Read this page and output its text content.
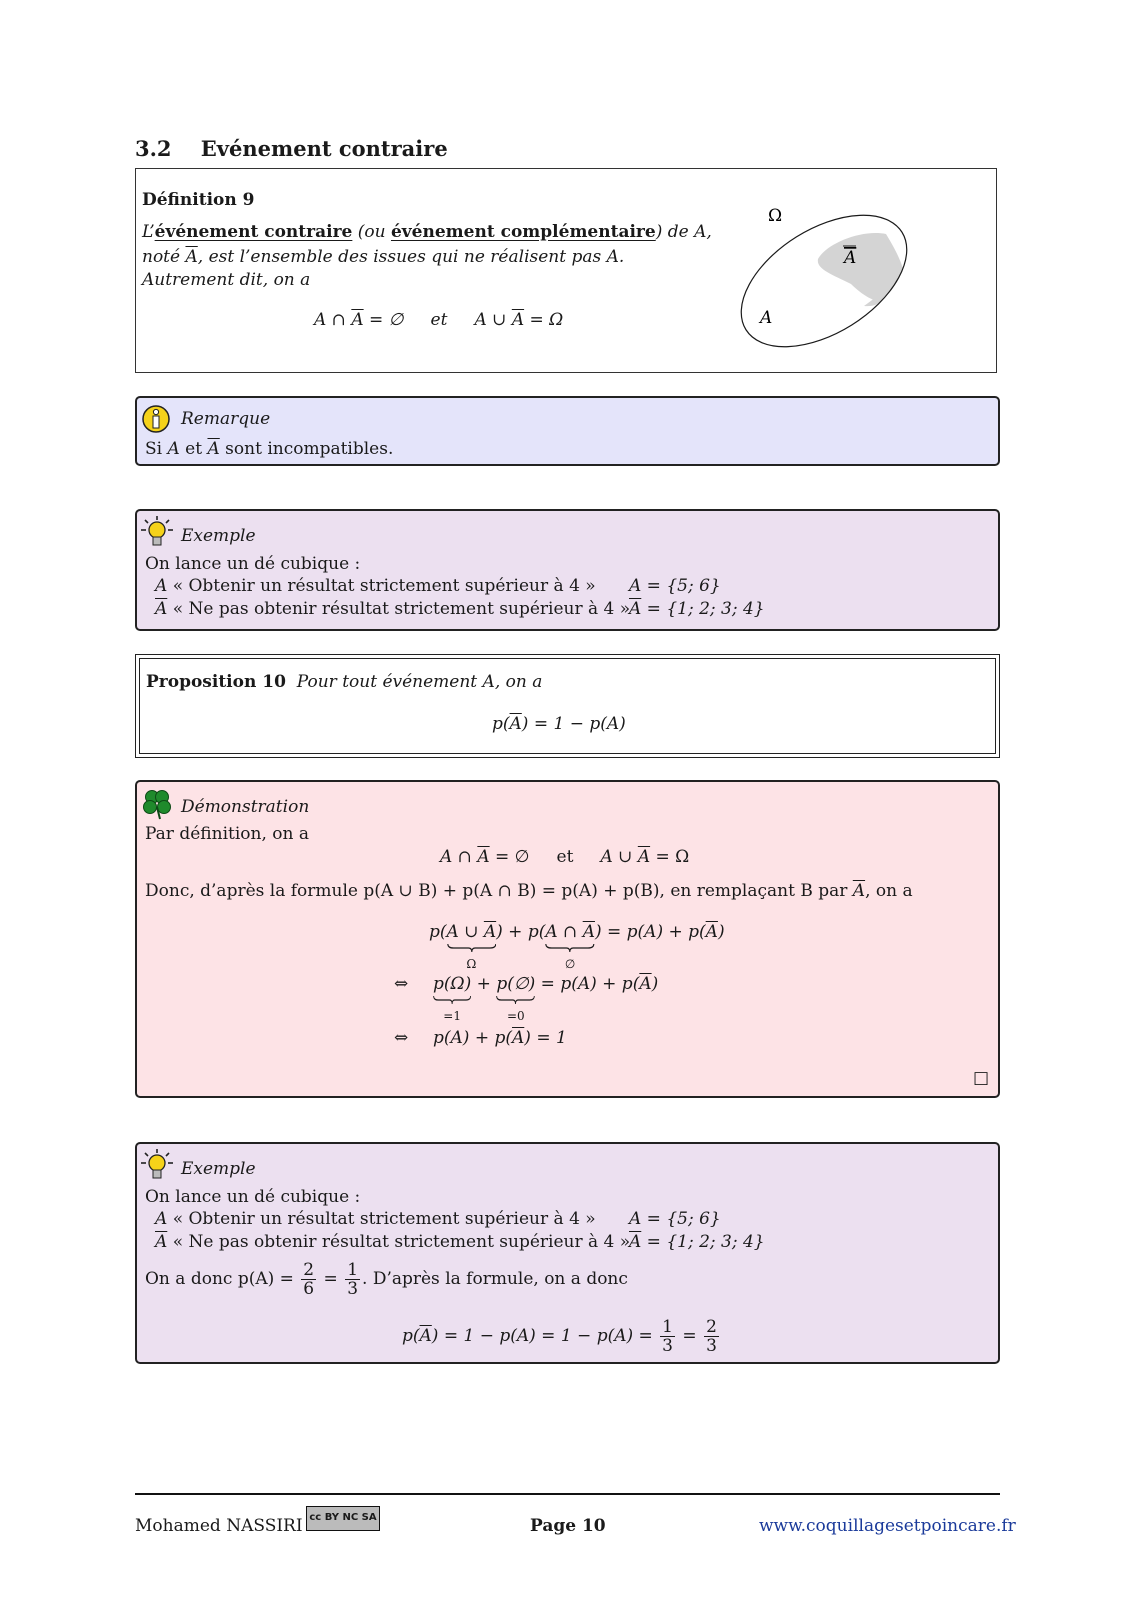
3.2 Evénement contraire
Définition 9
L’événement contraire (ou événement complémentaire) de A,
noté $\overline{A}$, est l’ensemble des issues qui ne réalisent pas A.
Autrement dit, on a
A ∩ $\overline{A}$ = ∅ et A ∪ $\overline{A} = \Omega$
Ω
A
A
Remarque
Si A et $\overline{A}$ sont incompatibles.
Exemple
On lance un dé cubique :
A « Obtenir un résultat strictement supérieur à 4 » A = {5; 6}
$\overline{A}$ « Ne pas obtenir résultat strictement supérieur à 4 »
$\overline{A} = \{1$; 2; 3; 4}
Proposition 10 Pour tout événement A, on a
$p(\overline{A}) = 1 - p(A)$
Démonstration
Par définition, on a
A ∩ $\overline{A}$ = ∅ et A ∪ $\overline{A} = \Omega$
Donc, d’après la formule p(A ∪ B) + p(A ∩ B) = p(A) + p(B), en remplaçant B par $\overline{A}$, on a
p(A ∪ $\overline{A}$
Ω
) + p(A ∩ $\overline{A}$
∅
) = $p(A) + p(\overline{A})$
⇔ p(Ω)
=1
+ p(∅)
=0
= $p(A) + p(\overline{A})$
⇔ $p(A) + p(\overline{A}) = 1$
□
Exemple
On lance un dé cubique :
A « Obtenir un résultat strictement supérieur à 4 » A = {5; 6}
$\overline{A}$ « Ne pas obtenir résultat strictement supérieur à 4 »
$\overline{A} = \{1$; 2; 3; 4}
On a donc $p(A) = \frac{2}{6} = \frac{1}{3}$ . D’après la formule, on a donc
$p(\overline{A}) = 1 - p(A) = 1 - p(A) = \frac{1}{3} = \frac{2}{3}$
Mohamed NASSIRI cc BY NC SA	Page 10	www.coquillagesetpoincare.fr
